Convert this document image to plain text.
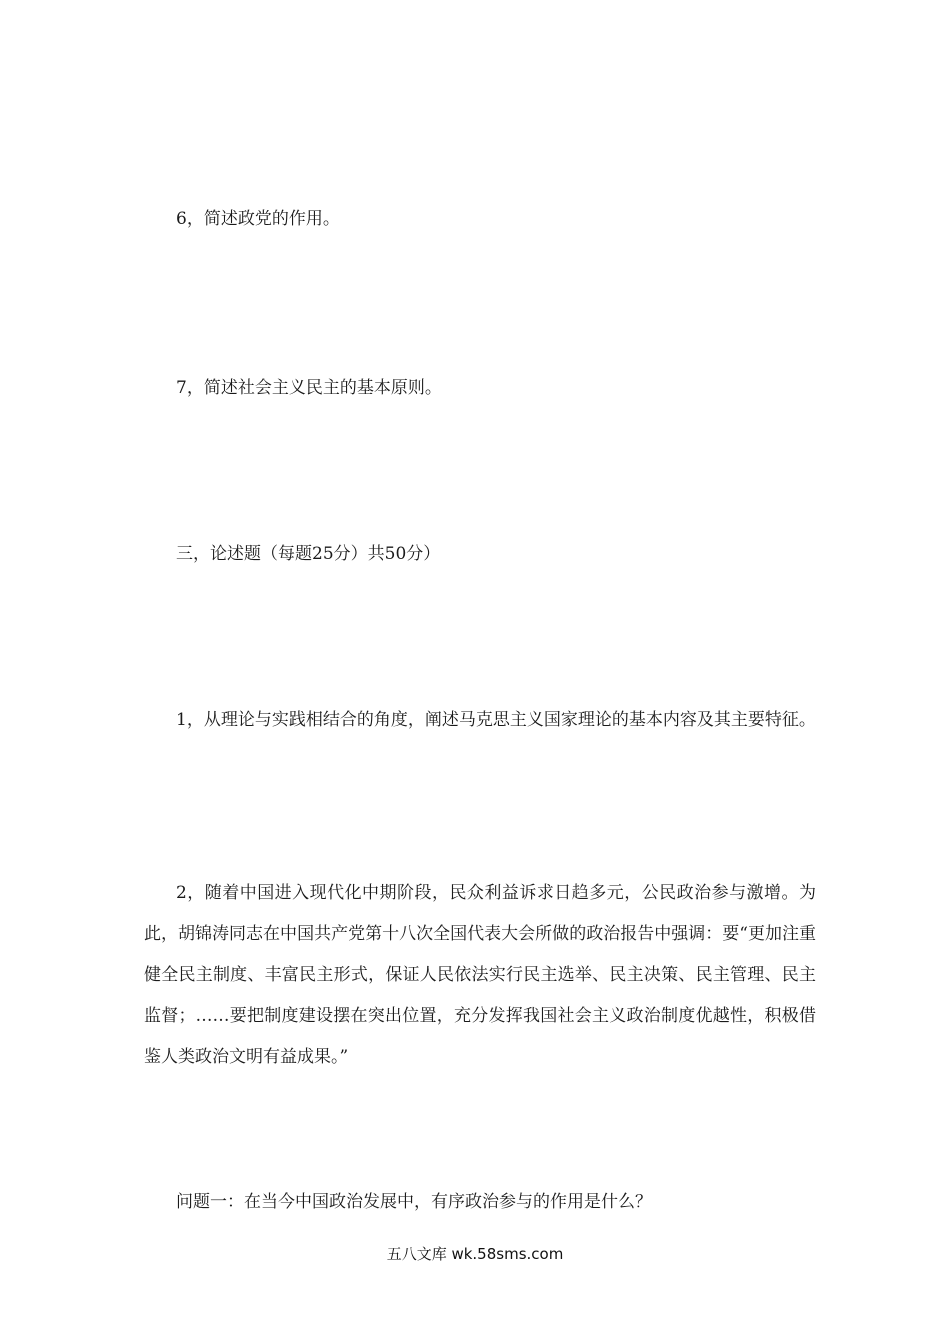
6，简述政党的作用。
7，简述社会主义民主的基本原则。
三，论述题（每题25分）共50分）
1，从理论与实践相结合的角度，阐述马克思主义国家理论的基本内容及其主要特征。
2，随着中国进入现代化中期阶段，民众利益诉求日趋多元，公民政治参与激增。为此，胡锦涛同志在中国共产党第十八次全国代表大会所做的政治报告中强调：要“更加注重健全民主制度、丰富民主形式，保证人民依法实行民主选举、民主决策、民主管理、民主监督；……要把制度建设摆在突出位置，充分发挥我国社会主义政治制度优越性，积极借鉴人类政治文明有益成果。”
问题一：在当今中国政治发展中，有序政治参与的作用是什么？
五八文库 wk.58sms.com
